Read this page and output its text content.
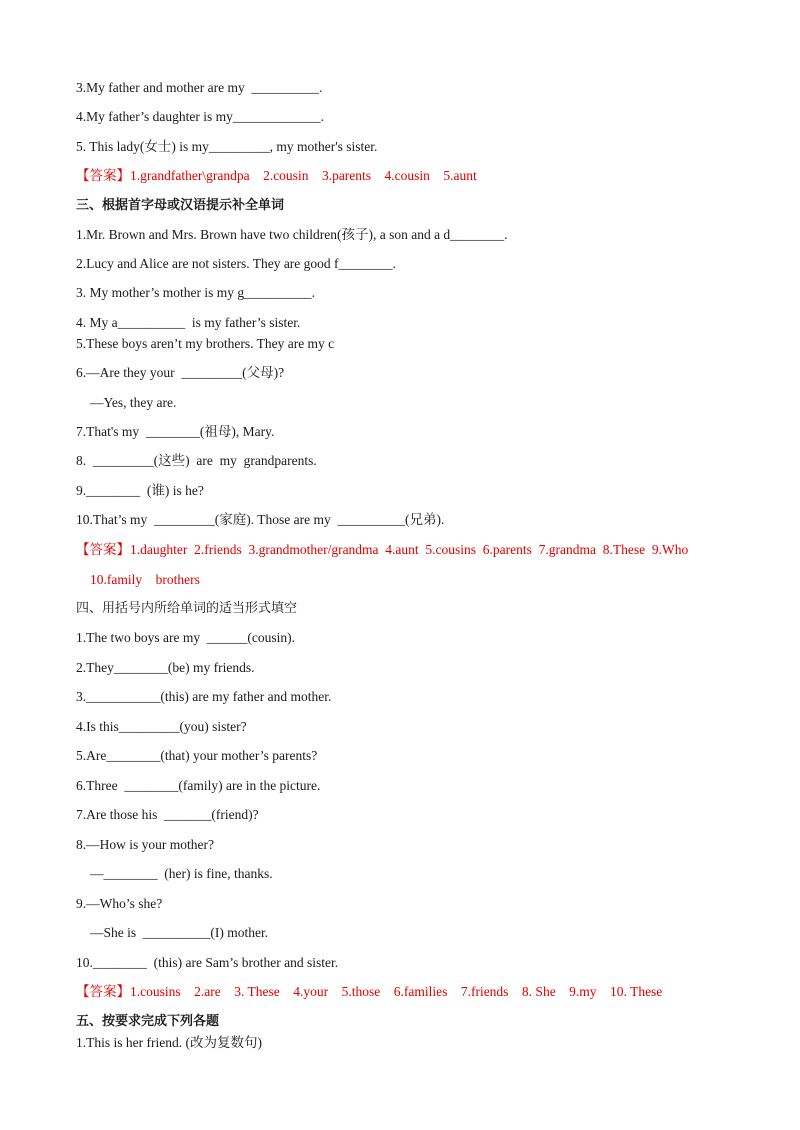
3.My father and mother are my  __________.
4.My father’s daughter is my_____________.
5. This lady(女士) is my_________, my mother's sister.
【答案】1.grandfather\grandpa    2.cousin    3.parents    4.cousin    5.aunt
三、根据首字母或汉语提示补全单词
1.Mr. Brown and Mrs. Brown have two children(孩子), a son and a d________.
2.Lucy and Alice are not sisters. They are good f________.
3. My mother’s mother is my g__________.
4. My a__________  is my father’s sister.
5.These boys aren’t my brothers. They are my c
6.—Are they your  _________(父母)?
—Yes, they are.
7.That's my  ________(祖母), Mary.
8.  _________(这些)  are  my  grandparents.
9.________  (谁) is he?
10.That’s my  _________(家庭). Those are my  __________(兄弟).
【答案】1.daughter  2.friends  3.grandmother/grandma  4.aunt  5.cousins  6.parents  7.grandma  8.These  9.Who
10.family    brothers
四、用括号内所给单词的适当形式填空
1.The two boys are my  ______(cousin).
2.They________(be) my friends.
3.___________(this) are my father and mother.
4.Is this_________(you) sister?
5.Are________(that) your mother’s parents?
6.Three  ________(family) are in the picture.
7.Are those his  _______(friend)?
8.—How is your mother?
—________  (her) is fine, thanks.
9.—Who’s she?
—She is  __________(I) mother.
10.________  (this) are Sam’s brother and sister.
【答案】1.cousins    2.are    3. These    4.your    5.those    6.families    7.friends    8. She    9.my    10. These
五、按要求完成下列各题
1.This is her friend. (改为复数句)
